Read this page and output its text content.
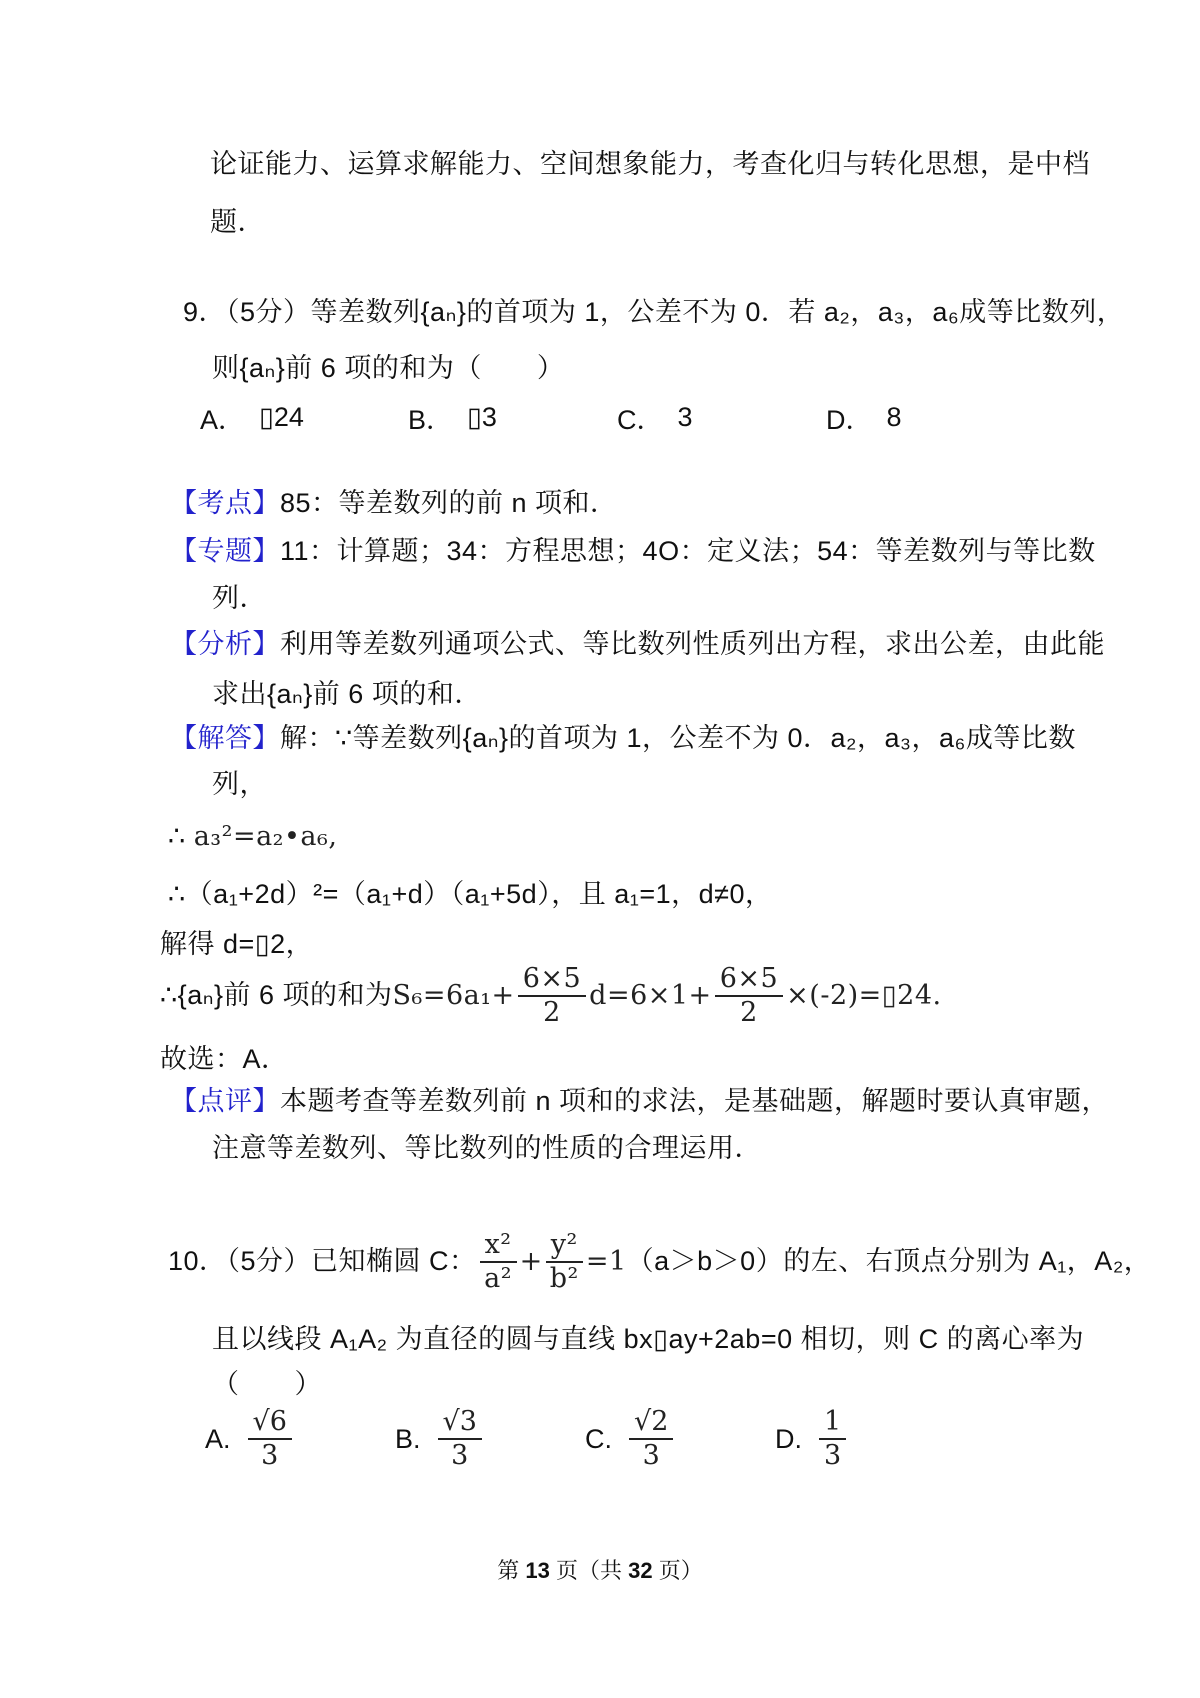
论证能力、运算求解能力、空间想象能力，考查化归与转化思想，是中档
题．
9．（5分）等差数列{aₙ}的首项为 1，公差不为 0．若 a₂，a₃，a₆成等比数列，
则{aₙ}前 6 项的和为（　　）
A． ▯24	B． ▯3	C． 3	D． 8
【考点】85：等差数列的前 n 项和．
【专题】11：计算题；34：方程思想；4O：定义法；54：等差数列与等比数
列．
【分析】利用等差数列通项公式、等比数列性质列出方程，求出公差，由此能
求出{aₙ}前 6 项的和．
【解答】解：∵等差数列{aₙ}的首项为 1，公差不为 0．a₂，a₃，a₆成等比数
列，
∴ a₃²=a₂•a₆,
∴（a₁+2d）²=（a₁+d）（a₁+5d），且 a₁=1，d≠0，
解得 d=▯2，
∴{aₙ}前 6 项的和为 $S_6=6a_1+ \frac{6\times 5}{2} d=6\times 1+ \frac{6\times 5}{2}$ ×(-2)=▯24.
故选：A．
【点评】本题考查等差数列前 n 项和的求法，是基础题，解题时要认真审题，
注意等差数列、等比数列的性质的合理运用．
10．（5分）已知椭圆 C： $\frac{\text{x²}}{\text{a²}} + \frac{\text{y²}}{\text{b²}} =1$ （a＞b＞0）的左、右顶点分别为 A₁，A₂，
且以线段 A₁A₂ 为直径的圆与直线 bx▯ay+2ab=0 相切，则 C 的离心率为
（　　）
A. $\frac{√6}{3}$	B. $\frac{√3}{3}$	C. $\frac{√2}{3}$	D. $\frac{1}{3}$
第 13 页（共 32 页）
